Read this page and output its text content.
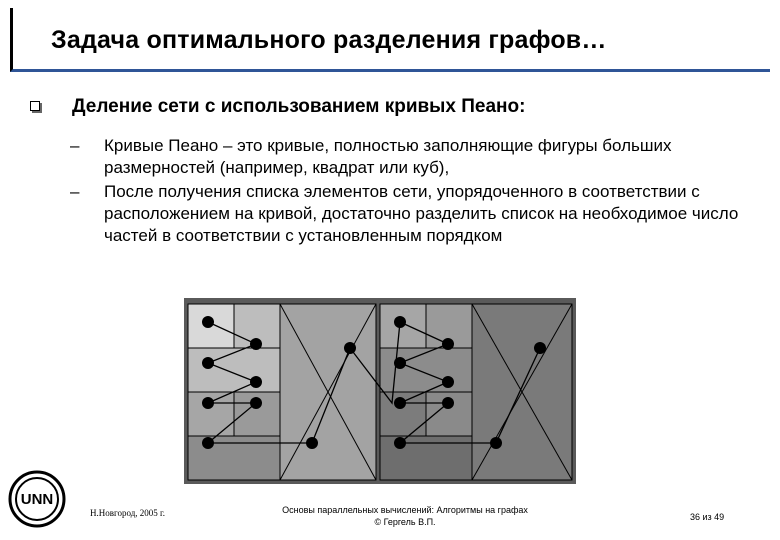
Задача оптимального разделения графов…
Деление сети с использованием кривых Пеано:
– Кривые Пеано – это кривые, полностью заполняющие фигуры больших размерностей (например, квадрат или куб),
– После получения списка элементов сети, упорядоченного в соответствии с расположением на кривой, достаточно разделить список на необходимое число частей в соответствии с установленным порядком
UNN
Н.Новгород, 2005 г.	Основы параллельных вычислений: Алгоритмы на графах
© Гергель В.П.	36 из 49
